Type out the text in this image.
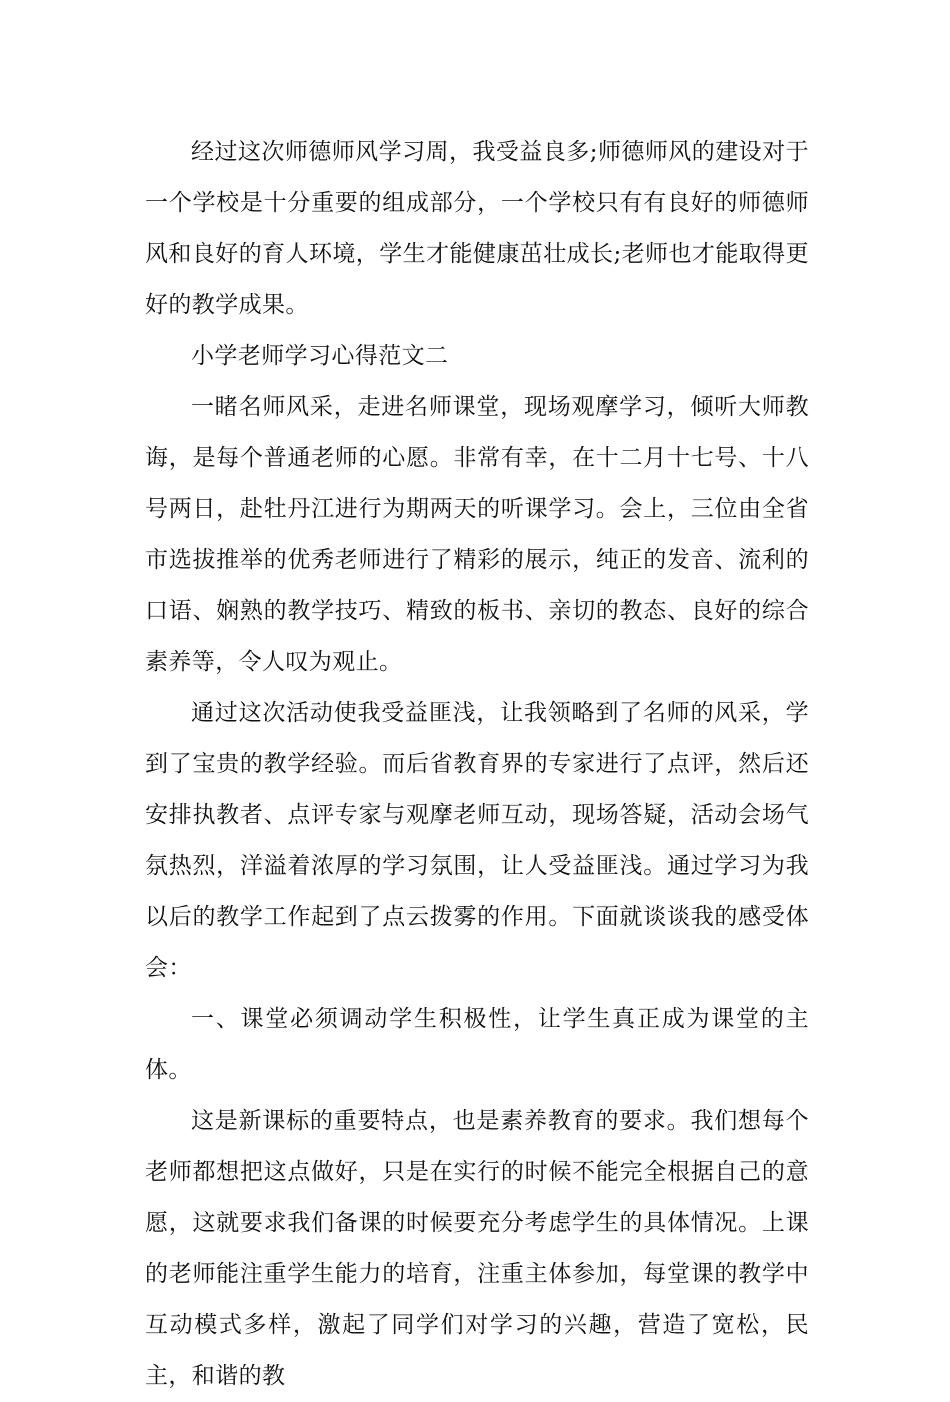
经过这次师德师风学习周，我受益良多;师德师风的建设对于一个学校是十分重要的组成部分，一个学校只有有良好的师德师风和良好的育人环境，学生才能健康茁壮成长;老师也才能取得更好的教学成果。

小学老师学习心得范文二

一睹名师风采，走进名师课堂，现场观摩学习，倾听大师教诲，是每个普通老师的心愿。非常有幸，在十二月十七号、十八号两日，赴牡丹江进行为期两天的听课学习。会上，三位由全省市选拔推举的优秀老师进行了精彩的展示，纯正的发音、流利的口语、娴熟的教学技巧、精致的板书、亲切的教态、良好的综合素养等，令人叹为观止。

通过这次活动使我受益匪浅，让我领略到了名师的风采，学到了宝贵的教学经验。而后省教育界的专家进行了点评，然后还安排执教者、点评专家与观摩老师互动，现场答疑，活动会场气氛热烈，洋溢着浓厚的学习氛围，让人受益匪浅。通过学习为我以后的教学工作起到了点云拨雾的作用。下面就谈谈我的感受体会：

一、课堂必须调动学生积极性，让学生真正成为课堂的主体。

这是新课标的重要特点，也是素养教育的要求。我们想每个老师都想把这点做好，只是在实行的时候不能完全根据自己的意愿，这就要求我们备课的时候要充分考虑学生的具体情况。上课的老师能注重学生能力的培育，注重主体参加，每堂课的教学中互动模式多样，激起了同学们对学习的兴趣，营造了宽松，民主，和谐的教
